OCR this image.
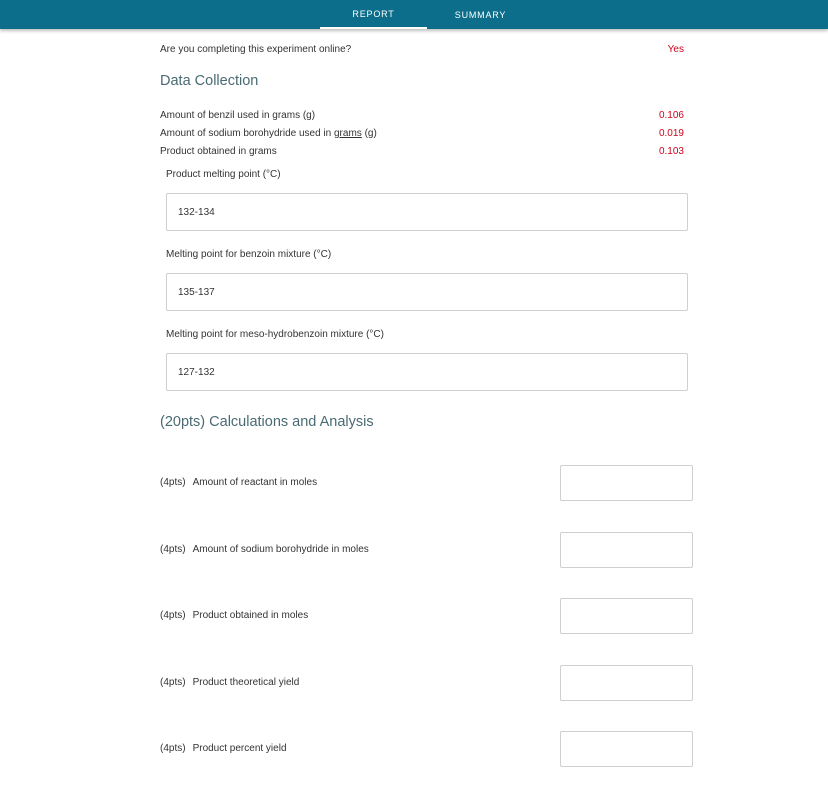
REPORT	SUMMARY
Are you completing this experiment online?	Yes
Data Collection
Amount of benzil used in grams (g)	0.106
Amount of sodium borohydride used in grams (g)	0.019
Product obtained in grams	0.103
Product melting point (°C)
132-134
Melting point for benzoin mixture (°C)
135-137
Melting point for meso-hydrobenzoin mixture (°C)
127-132
(20pts) Calculations and Analysis
(4pts) Amount of reactant in moles
(4pts) Amount of sodium borohydride in moles
(4pts) Product obtained in moles
(4pts) Product theoretical yield
(4pts) Product percent yield
